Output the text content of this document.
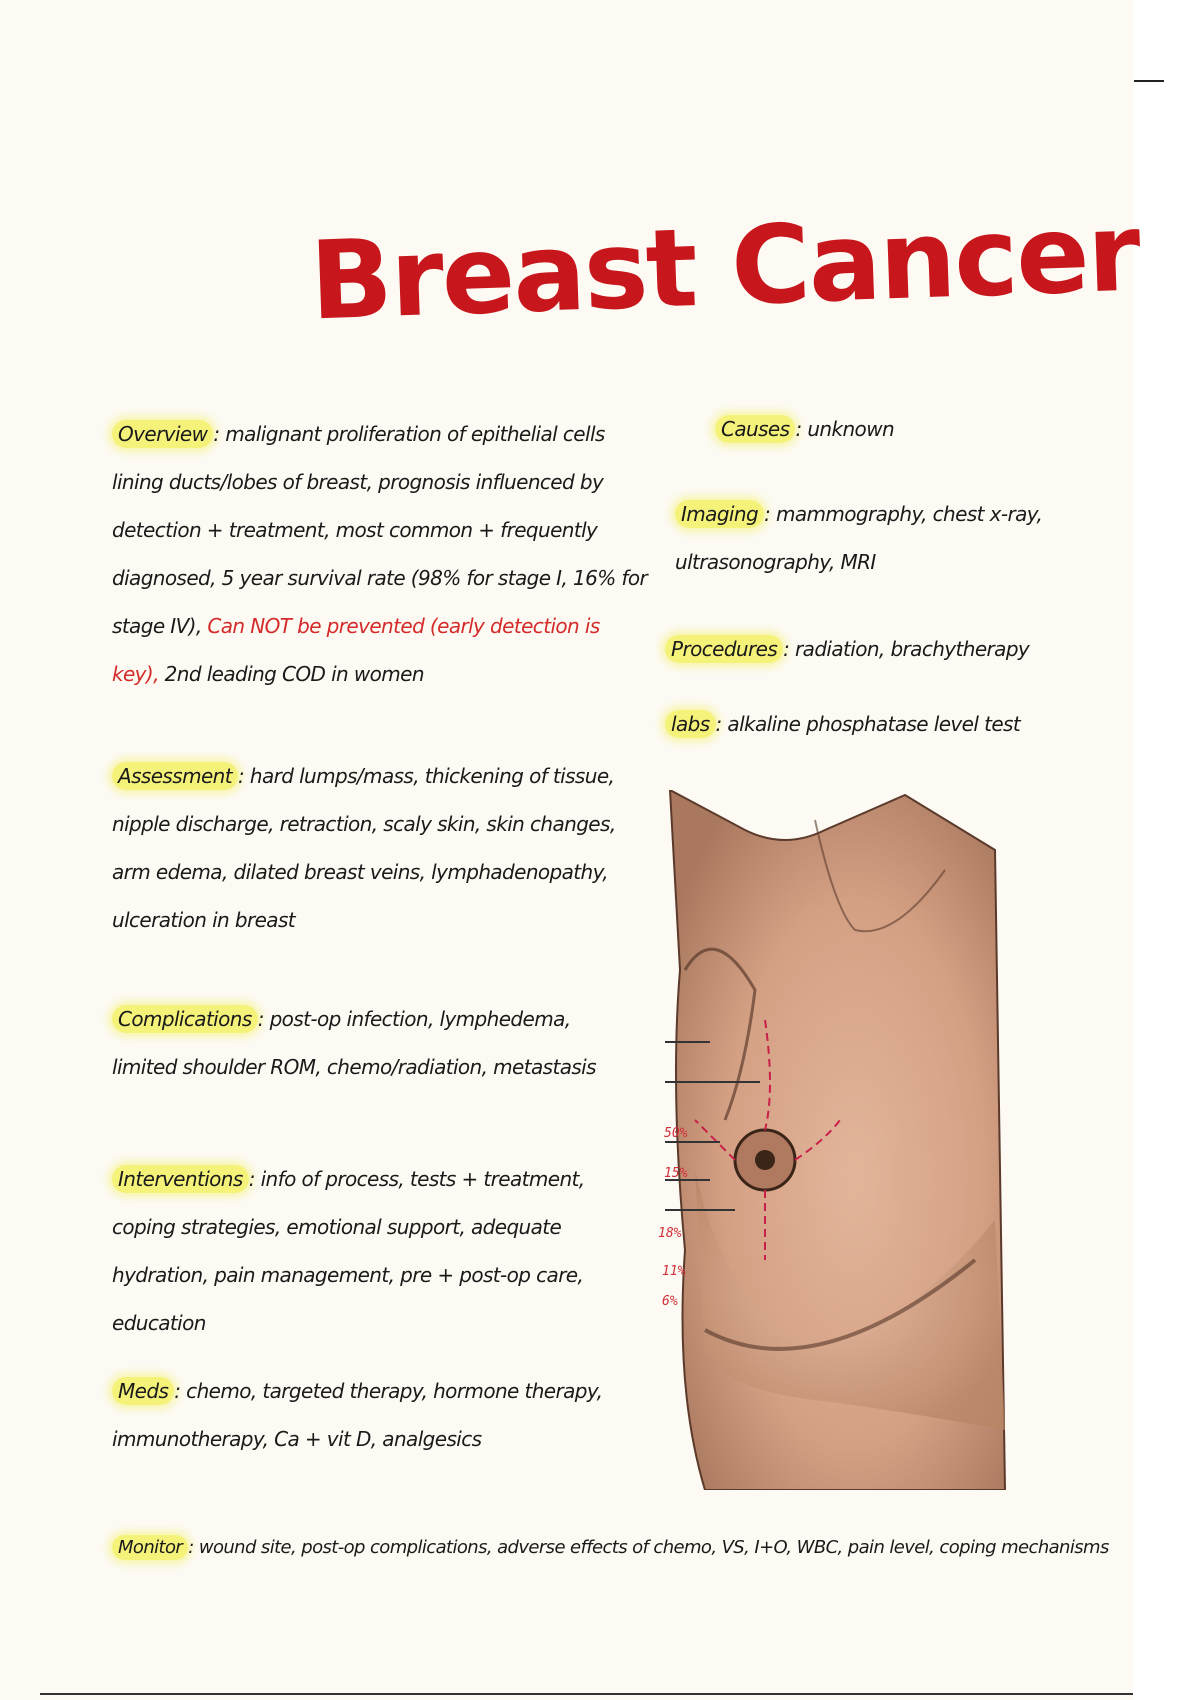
Breast Cancer
Overview : malignant proliferation of epithelial cells lining ducts/lobes of breast, prognosis influenced by detection + treatment, most common + frequently diagnosed, 5 year survival rate (98% for stage I, 16% for stage IV), Can NOT be prevented (early detection is key), 2nd leading COD in women
Assessment : hard lumps/mass, thickening of tissue, nipple discharge, retraction, scaly skin, skin changes, arm edema, dilated breast veins, lymphadenopathy, ulceration in breast
Complications : post-op infection, lymphedema, limited shoulder ROM, chemo/radiation, metastasis
Interventions : info of process, tests + treatment, coping strategies, emotional support, adequate hydration, pain management, pre + post-op care, education
Meds : chemo, targeted therapy, hormone therapy, immunotherapy, Ca + vit D, analgesics
Monitor : wound site, post-op complications, adverse effects of chemo, VS, I+O, WBC, pain level, coping mechanisms
Causes : unknown
Imaging : mammography, chest x-ray, ultrasonography, MRI
Procedures : radiation, brachytherapy
labs : alkaline phosphatase level test
50%
15%
18%
11%
6%
